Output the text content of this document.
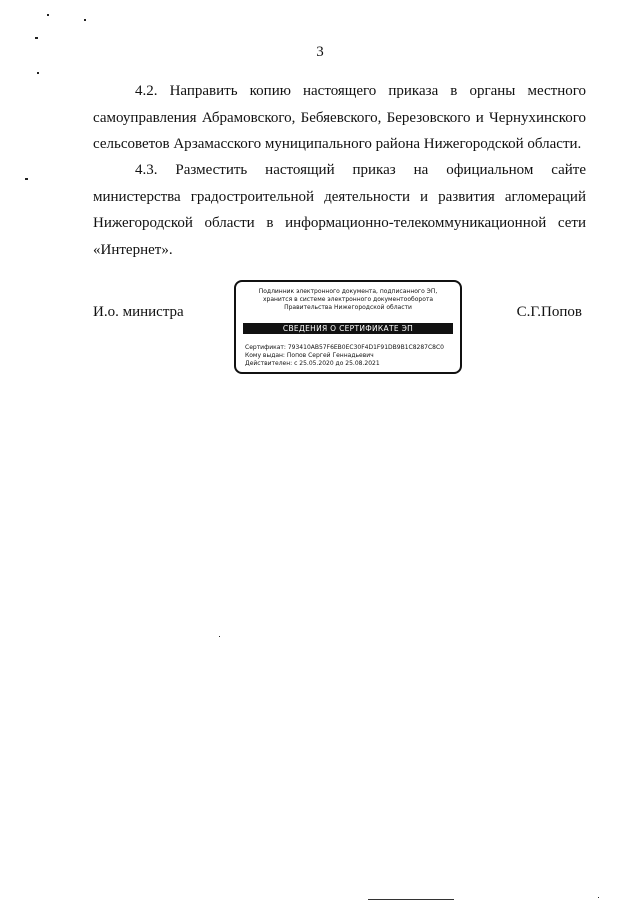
3

4.2. Направить копию настоящего приказа в органы местного самоуправления Абрамовского, Бебяевского, Березовского и Чернухинского сельсоветов Арзамасского муниципального района Нижегородской области.

4.3. Разместить настоящий приказ на официальном сайте министерства градостроительной деятельности и развития агломераций Нижегородской области в информационно-телекоммуникационной сети «Интернет».

И.о. министра
Подлинник электронного документа, подписанного ЭП,
хранится в системе электронного документооборота
Правительства Нижегородской области
СВЕДЕНИЯ О СЕРТИФИКАТЕ ЭП
Сертификат: 793410AB57F6EB0EC30F4D1F91DB9B1C8287C8C0
Кому выдан: Попов Сергей Геннадьевич
Действителен: с 25.05.2020 до 25.08.2021
С.Г.Попов
